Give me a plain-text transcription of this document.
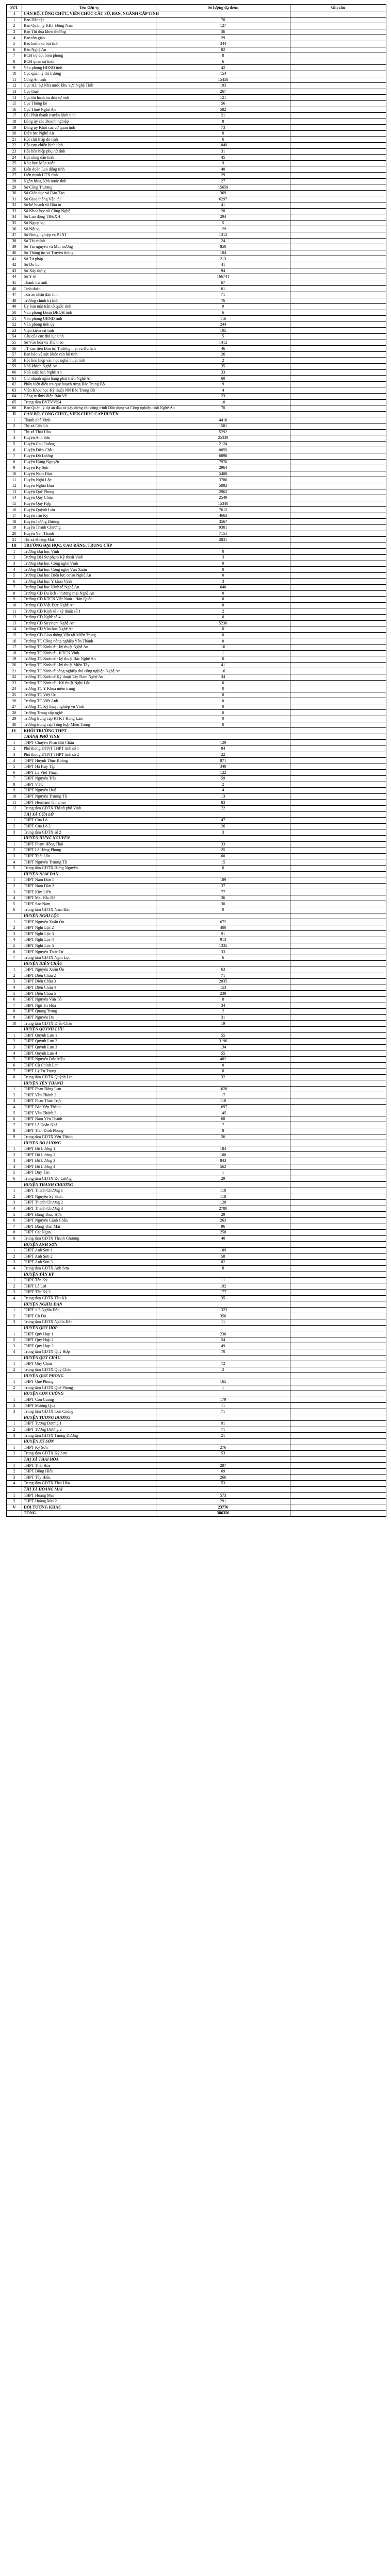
STT	Tên đơn vị	Số lượng đạ điểm	Ghi chú
I	CÁN BỘ, CÔNG CHỨC, VIÊN CHỨC CÁC SỞ, BAN, NGÀNH CẤP TỈNH		
1	Ban Dân tộc	70	
2	Ban Quản lý KKT Đông Nam	127	
3	Ban Thi đua khen thưởng	36	
4	Ban tôn giáo	29	
5	Bảo hiểm xã hội tỉnh	344	
6	Báo Nghệ An	82	
7	BCH bộ đội biên phòng	8	
8	BCH quân sự tỉnh	6	
9	Văn phòng HĐND tỉnh	42	
10	Cục quản lý thị trường	154	
11	Công An tỉnh	15458	
12	Cục Hải Sự Nhà nước khu vực Nghệ Tĩnh	193	
13	Cục thuế	267	
14	Cục thi hành án dân sự tỉnh	121	
15	Cục Thống kê	56	
16	Cục Thuế Nghệ An	582	
17	Đài Phát thanh truyền hình tỉnh	21	
18	Đảng ủy các Doanh nghiệp	8	
19	Đảng ủy Khối các cơ quan tỉnh	73	
20	Điện lực Nghệ An	8	
21	Hội chữ thập đỏ tỉnh	6	
22	Hội cựu chiến binh tỉnh	1049	
23	Hội liên hiệp phụ nữ tỉnh	31	
24	Hội nông dân tỉnh	45	
25	Khu học Mùa xuân	9	
26	Liên đoàn Lao động tỉnh	40	
27	Liên minh HTX tỉnh	29	
28	Ngân hàng Nhà nước tỉnh	27	
29	Sở Công Thương	15659	
30	Sở Giáo dục và Đào Tạo	369	
31	Sở Giao thông Vận tải	6297	
32	Sở kế hoạch và Đầu tư	41	
33	Sở Khoa học và Công Nghệ	28	
34	Sở Lao động TB&XH	294	
35	Sở Ngoại vụ	5	
36	Sở Nội vụ	129	
37	Sở Nông nghiệp và PTNT	1312	
38	Sở Tài chính	24	
39	Sở Tài nguyên và Môi trường	850	
40	Sở Thông tin và Truyền thông	104	
41	Sở Tư pháp	213	
42	Sở Du lịch	41	
43	Sở Xây dựng	94	
44	Sở Y tế	166741	
45	Thanh tra tỉnh	67	
46	Tỉnh đoàn	61	
47	Tòa án nhân dân tỉnh	71	
48	Trường chính trị tỉnh	76	
49	Ủy ban mặt trận tổ quốc tỉnh	9	
50	Văn phòng Đoàn ĐBQH tỉnh	6	
51	Văn phòng UBND tỉnh	116	
52	Văn phòng tỉnh ủy	244	
53	Viện kiểm sát tỉnh	105	
54	Cấu của cục thủ tục tỉnh	5	
55	Sở Văn hóa và Thể thao	1412	
56	TT xúc tiến Đầu tư, Thương mại và Du lịch	46	
57	Ban bảo vệ sức khỏe cán bộ tỉnh	26	
58	Hội liên hiệp văn học nghệ thuật tỉnh	2	
59	Nhà khách Nghệ An	35	
60	Nhà xuất bản Nghệ An	33	
61	Chi nhánh ngân hàng phát triển Nghệ An	60	
62	Phân viện điều tra quy hoạch rừng Bắc Trung Bộ	9	
63	Viện Khoa học Kỹ thuật NN Bắc Trung Bộ	4	
64	Công ty thủy điện Bản Vẽ	23	
65	Trung tâm BVTVVK4	10	
66	Ban Quản lý dự án đầu tư xây dựng các công trình Dân dụng và Công nghiệp tỉnh Nghệ An	70	
II	CÁN BỘ, CÔNG CHỨC, VIÊN CHỨC CẤP HUYỆN		
1	Thành phố Vinh	4418	
2	Thị xã Cửa Lò	1581	
3	Thị xã Thái Hòa	5292	
4	Huyện Anh Sơn	25339	
5	Huyện Con Cuông	2124	
6	Huyện Diễn Châu	8859	
7	Huyện Đô Lương	6898	
8	Huyện Hưng Nguyên	7976	
9	Huyện Kỳ Sơn	2964	
10	Huyện Nam Đàn	5408	
11	Huyện Nghi Lộc	3786	
12	Huyện Nghĩa Đàn	5092	
13	Huyện Quế Phong	2962	
14	Huyện Quỳ Châu	2549	
15	Huyện Quỳ Hợp	15340	
16	Huyện Quỳnh Lưu	7612	
17	Huyện Tân Kỳ	4663	
18	Huyện Tương Dương	3567	
19	Huyện Thanh Chương	9301	
20	Huyện Yên Thành	7151	
21	Thị xã Hoàng Mai	2831	
III	TRƯỜNG ĐẠI HỌC, CAO ĐẲNG, TRUNG CẤP		
1	Trường Đại học Vinh	0	
2	Trường ĐH Sư phạm Kỹ thuật Vinh	3	
3	Trường Đại học Công nghệ Vinh	0	
4	Trường Đại học Công nghệ Vạn Xuân	0	
5	Trường Đại học Điện lực cơ sở Nghệ An	0	
6	Trường Đại học Y khoa Vinh	3	
7	Trường Đại học Kinh tế Nghệ An	640	
8	Trường CĐ Du lịch - thương mại Nghệ An	0	
9	Trường CĐ KTCN Việt Nam - Hàn Quốc	0	
10	Trường CĐ Việt Đức Nghệ An	0	
11	Trường CĐ Kinh tế - kỹ thuật số 1	2	
12	Trường CĐ Nghề số 4	0	
13	Trường CĐ Sư phạm Nghệ An	5230	
14	Trường CĐ Văn hóa Nghệ An	0	
15	Trường CĐ Giao thông Vận tải Miền Trung	0	
16	Trường TC Công nông nghiệp Yên Thành	0	
17	Trường TC Kinh tế - kỹ thuật Nghệ An	16	
18	Trường TC Kinh tế - KTCN Vinh	1	
19	Trường TC Kinh tế - kỹ thuật Bắc Nghệ An	0	
20	Trường TC Kinh tế - kỹ thuật Miền Tây	41	
21	Trường TC Kinh tế công nghiệp thủ công nghiệp Nghệ An	16	
22	Trường TC Kinh tế Kỹ thuật Tây Nam Nghệ An	34	
23	Trường TC Kinh tế - Kỹ thuật Nghi Lộc	0	
24	Trường TC Y Khoa miền trung	0	
25	Trường TC Việt Úc	0	
26	Trường TC Việt Anh	0	
27	Trường TC Kỹ thuật nghiệp vụ Vinh	0	
28	Trường Trung cấp nghề	0	
29	Trường trung cấp KTKT Hồng Lam	0	
30	Trường trung cấp Tổng hợp Miền Trung	0	
IV	KHỐI TRƯỜNG THPT		
	THÀNH PHỐ VINH		
1	THPT Chuyên Phan Bội Châu	129	
2	Phổ thông DTNT THPT tỉnh số 1	84	
3	Phổ thông DTNT THPT tỉnh số 2	22	
4	THPT Huỳnh Thúc Kháng	871	
5	THPT Hà Huy Tập	348	
6	THPT Lê Viết Thuật	122	
7	THPT Nguyễn Trãi	59	
8	THPT VTC	2	
9	THPT Nguyễn Huệ	4	
10	THPT Nguyễn Trường Tộ	13	
11	THPT Hermann Gmeiner	83	
12	Trung tâm GDTX Thành phố Vinh	22	
	THỊ XÃ CỬA LÒ		
1	THPT Cửa Lò	47	
2	THPT Cửa Lò 2	26	
3	Trung tâm GDTX số 2	3	
	HUYỆN HƯNG NGUYÊN		
1	THPT Phạm Hồng Thái	33	
2	THPT Lê Hồng Phong	25	
3	THPT Thái Lão	60	
4	THPT Nguyễn Trường Tộ	15	
5	Trung tâm GDTX Hưng Nguyên	0	
	HUYỆN NAM ĐÀN		
1	THPT Nam Đàn 1	189	
2	THPT Nam Đàn 2	37	
3	THPT Kim Liên	77	
4	THPT Mai Hắc Đế	36	
5	THPT Sao Nam	30	
6	Trung tâm GDTX Nam Đàn	0	
	HUYỆN NGHI LỘC		
1	THPT Nguyễn Xuân Ôn	672	
2	THPT Nghi Lộc 2	400	
3	THPT Nghi Lộc 3	91	
4	THPT Nghi Lộc 4	913	
5	THPT Nghi Lộc 5	1335	
6	THPT Nguyễn Thức Tự	33	
7	Trung tâm GDTX Nghi Lộc	6	
	HUYỆN DIỄN CHÂU		
1	THPT Nguyễn Xuân Ôn	63	
2	THPT Diễn Châu 2	71	
3	THPT Diễn Châu 3	2035	
4	THPT Diễn Châu 4	153	
5	THPT Diễn Châu 5	239	
6	THPT Nguyễn Văn Tố	8	
7	THPT Ngô Trí Hòa	34	
8	THPT Quang Trung	2	
9	THPT Nguyễn Du	31	
10	Trung tâm GDTX Diễn Châu	19	
	HUYỆN QUỲNH LƯU		
1	THPT Quỳnh Lưu 1	55	
2	THPT Quỳnh Lưu 2	3196	
3	THPT Quỳnh Lưu 3	134	
4	THPT Quỳnh Lưu 4	55	
5	THPT Nguyễn Đức Mậu	482	
6	THPT Cù Chính Lan	0	
7	THPT Lý Tự Trọng	0	
8	Trung tâm GDTX Quỳnh Lưu	32	
	HUYỆN YÊN THÀNH		
1	THPT Phan Đăng Lưu	1628	
2	THPT Yên Thành 2	17	
3	THPT Phan Thúc Trực	118	
4	THPT Bắc Yên Thành	1697	
5	THPT Yên Thành 3	145	
6	THPT Nam Yên Thành	68	
7	THPT Lê Doãn Nhã	7	
8	THPT Trần Đình Phong	8	
9	Trung tâm GDTX Yên Thành	26	
	HUYỆN ĐÔ LƯƠNG		
1	THPT Đô Lương 1	184	
2	THPT Đô Lương 2	100	
3	THPT Đô Lương 3	843	
4	THPT Đô Lương 4	562	
5	THPT Duy Tân	1	
6	Trung tâm GDTX Đô Lương	29	
	HUYỆN THANH CHƯƠNG		
1	THPT Thanh Chương 1	118	
2	THPT Nguyễn Sỹ Sách	118	
3	THPT Thanh Chương 2	128	
4	THPT Thanh Chương 3	2780	
5	THPT Đặng Thúc Hứa	29	
6	THPT Nguyễn Cảnh Chân	263	
7	THPT Đặng Thai Mai	96	
8	THPT Cát Ngạn	258	
9	Trung tâm GDTX Thanh Chương	40	
	HUYỆN ANH SƠN		
1	THPT Anh Sơn 1	189	
2	THPT Anh Sơn 2	58	
3	THPT Anh Sơn 3	82	
4	Trung tâm GDTX Anh Sơn	8	
	HUYỆN TÂN KỲ		
1	THPT Tân Kỳ	11	
2	THPT Lê Lợi	192	
3	THPT Tân Kỳ 3	177	
4	Trung tâm GDTX Tân Kỳ	35	
	HUYỆN NGHĨA ĐÀN		
1	THPT 1-5 Nghĩa Đàn	1323	
2	THPT Cờ Đỏ	356	
3	Trung tâm GDTX Nghĩa Đàn	11	
	HUYỆN QUỲ HỢP		
1	THPT Quỳ Hợp 1	236	
2	THPT Quỳ Hợp 2	54	
3	THPT Quỳ Hợp 3	49	
4	Trung tâm GDTX Quỳ Hợp	70	
	HUYỆN QUỲ CHÂU		
1	THPT Quỳ Châu	72	
2	Trung tâm GDTX Quỳ Châu	2	
	HUYỆN QUẾ PHONG		
1	THPT Quế Phong	165	
2	Trung tâm GDTX Quế Phong	1	
	HUYỆN CON CUÔNG		
1	THPT Con Cuông	179	
2	THPT Mường Quạ	11	
3	Trung tâm GDTX Con Cuông	71	
	HUYỆN TƯƠNG DƯƠNG		
1	THPT Tương Dương 1	91	
2	THPT Tương Dương 2	71	
3	Trung tâm GDTX Tương Dương	21	
	HUYỆN KỲ SƠN		
1	THPT Kỳ Sơn	276	
2	Trung tâm GDTX Kỳ Sơn	53	
	THỊ XÃ THÁI HÒA		
1	THPT Thái Hòa	287	
2	THPT Đông Hiếu	69	
3	THPT Tây Hiếu	266	
4	Trung tâm GDTX Thái Hòa	53	
	THỊ XÃ HOÀNG MAI		
1	THPT Hoàng Mai	573	
2	THPT Hoàng Mai 2	291	
V	ĐỐI TƯỢNG KHÁC	23776	
	TỔNG	386356	
